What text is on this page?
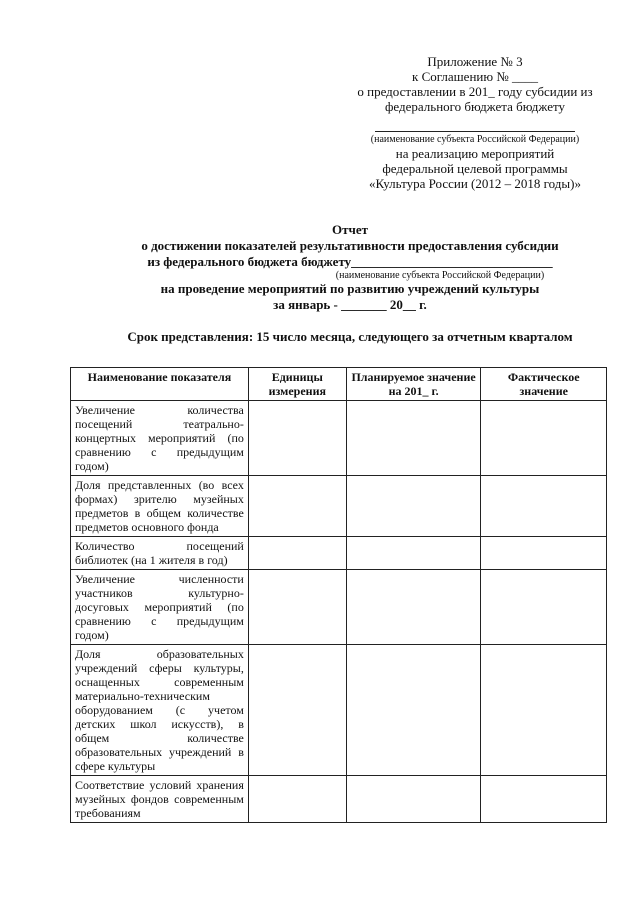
Приложение № 3
к Соглашению № ____
о предоставлении в 201_ году субсидии из
федерального бюджета бюджету
(наименование субъекта Российской Федерации)
на реализацию мероприятий
федеральной целевой программы
«Культура России (2012 – 2018 годы)»
Отчет
о достижении показателей результативности предоставления субсидии
из федерального бюджета бюджету_______________________________
(наименование субъекта Российской Федерации)
на проведение мероприятий по развитию учреждений культуры
за январь - _______ 20__ г.
Срок представления: 15 число месяца, следующего за отчетным кварталом
Наименование показателя	Единицы измерения	Планируемое значение на 201_ г.	Фактическое значение
Увеличение количества посещений театрально-концертных мероприятий (по сравнению с предыдущим годом)			
Доля представленных (во всех формах) зрителю музейных предметов в общем количестве предметов основного фонда			
Количество посещений библиотек (на 1 жителя в год)			
Увеличение численности участников культурно-досуговых мероприятий (по сравнению с предыдущим годом)			
Доля образовательных учреждений сферы культуры, оснащенных современным материально-техническим оборудованием (с учетом детских школ искусств), в общем количестве образовательных учреждений в сфере культуры			
Соответствие условий хранения музейных фондов современным требованиям			
